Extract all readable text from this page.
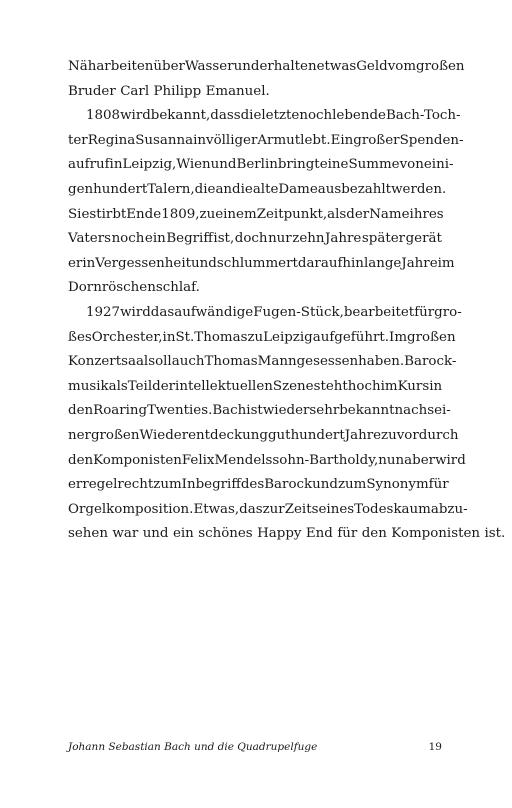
Näharbeiten über Wasser und erhalten etwas Geld vom großen
Bruder Carl Philipp Emanuel.
1808 wird bekannt, dass die letzte noch lebende Bach-Toch-
ter Regina Susanna in völliger Armut lebt. Ein großer Spenden-
aufruf in Leipzig, Wien und Berlin bringt eine Summe von eini-
gen hundert Talern, die an die alte Dame ausbezahlt werden.
Sie stirbt Ende 1809, zu einem Zeitpunkt, als der Name ihres
Vaters noch ein Begriff ist, doch nur zehn Jahre später gerät
er in Vergessenheit und schlummert daraufhin lange Jahre im
Dornröschenschlaf.
1927 wird das aufwändige Fugen-Stück, bearbeitet für gro-
ßes Orchester, in St. Thomas zu Leipzig aufgeführt. Im großen
Konzertsaal soll auch Thomas Mann gesessen haben. Barock-
musik als Teil der intellektuellen Szene steht hoch im Kurs in
den Roaring Twenties. Bach ist wieder sehr bekannt nach sei-
ner großen Wiederentdeckung gut hundert Jahre zuvor durch
den Komponisten Felix Mendelssohn-Bartholdy, nun aber wird
er regelrecht zum Inbegriff des Barock und zum Synonym für
Orgelkomposition. Etwas, das zur Zeit seines Todes kaum abzu-
sehen war und ein schönes Happy End für den Komponisten ist.
Johann Sebastian Bach und die Quadrupelfuge	19
